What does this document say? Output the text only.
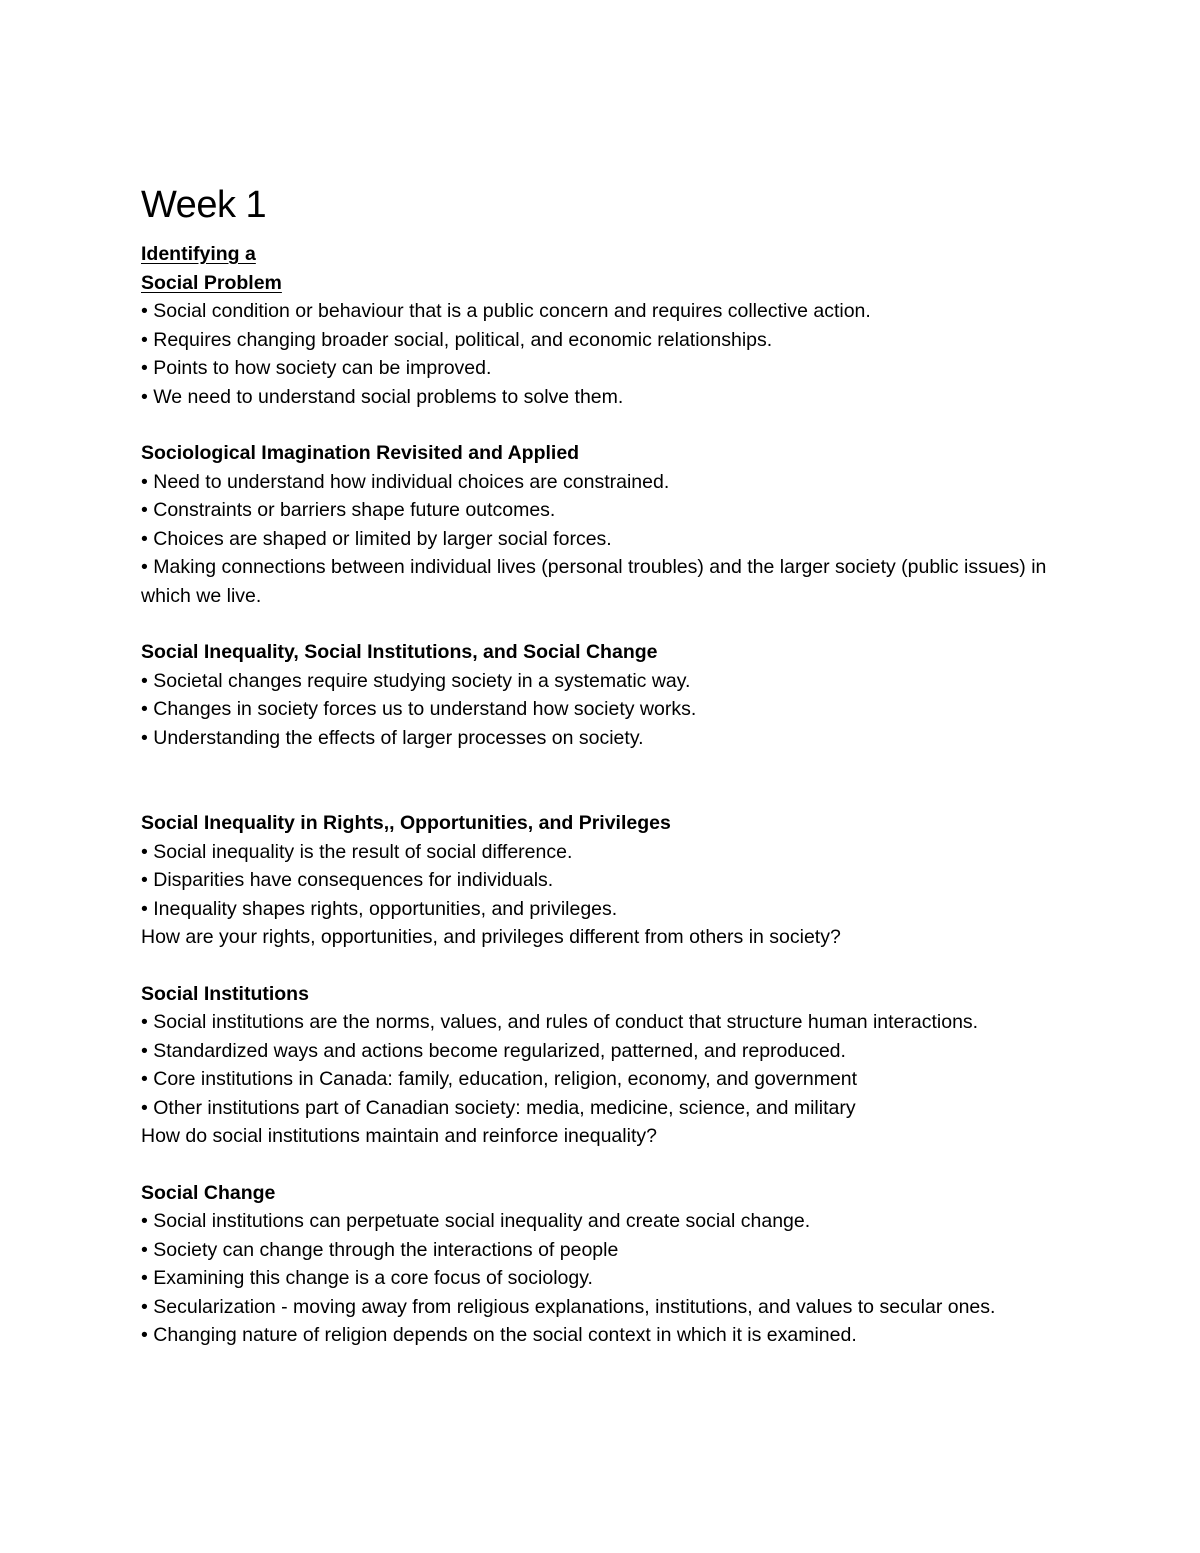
Week 1

Identifying a

Social Problem

• Social condition or behaviour that is a public concern and requires collective action.

• Requires changing broader social, political, and economic relationships.

• Points to how society can be improved.

• We need to understand social problems to solve them.

Sociological Imagination Revisited and Applied

• Need to understand how individual choices are constrained.

• Constraints or barriers shape future outcomes.

• Choices are shaped or limited by larger social forces.

• Making connections between individual lives (personal troubles) and the larger society (public issues) in which we live.

Social Inequality, Social Institutions, and Social Change

• Societal changes require studying society in a systematic way.

• Changes in society forces us to understand how society works.

• Understanding the effects of larger processes on society.

Social Inequality in Rights,, Opportunities, and Privileges

• Social inequality is the result of social difference.

• Disparities have consequences for individuals.

• Inequality shapes rights, opportunities, and privileges.

How are your rights, opportunities, and privileges different from others in society?

Social Institutions

• Social institutions are the norms, values, and rules of conduct that structure human interactions.

• Standardized ways and actions become regularized, patterned, and reproduced.

• Core institutions in Canada: family, education, religion, economy, and government

• Other institutions part of Canadian society: media, medicine, science, and military

How do social institutions maintain and reinforce inequality?

Social Change

• Social institutions can perpetuate social inequality and create social change.

• Society can change through the interactions of people

• Examining this change is a core focus of sociology.

• Secularization - moving away from religious explanations, institutions, and values to secular ones.

• Changing nature of religion depends on the social context in which it is examined.
